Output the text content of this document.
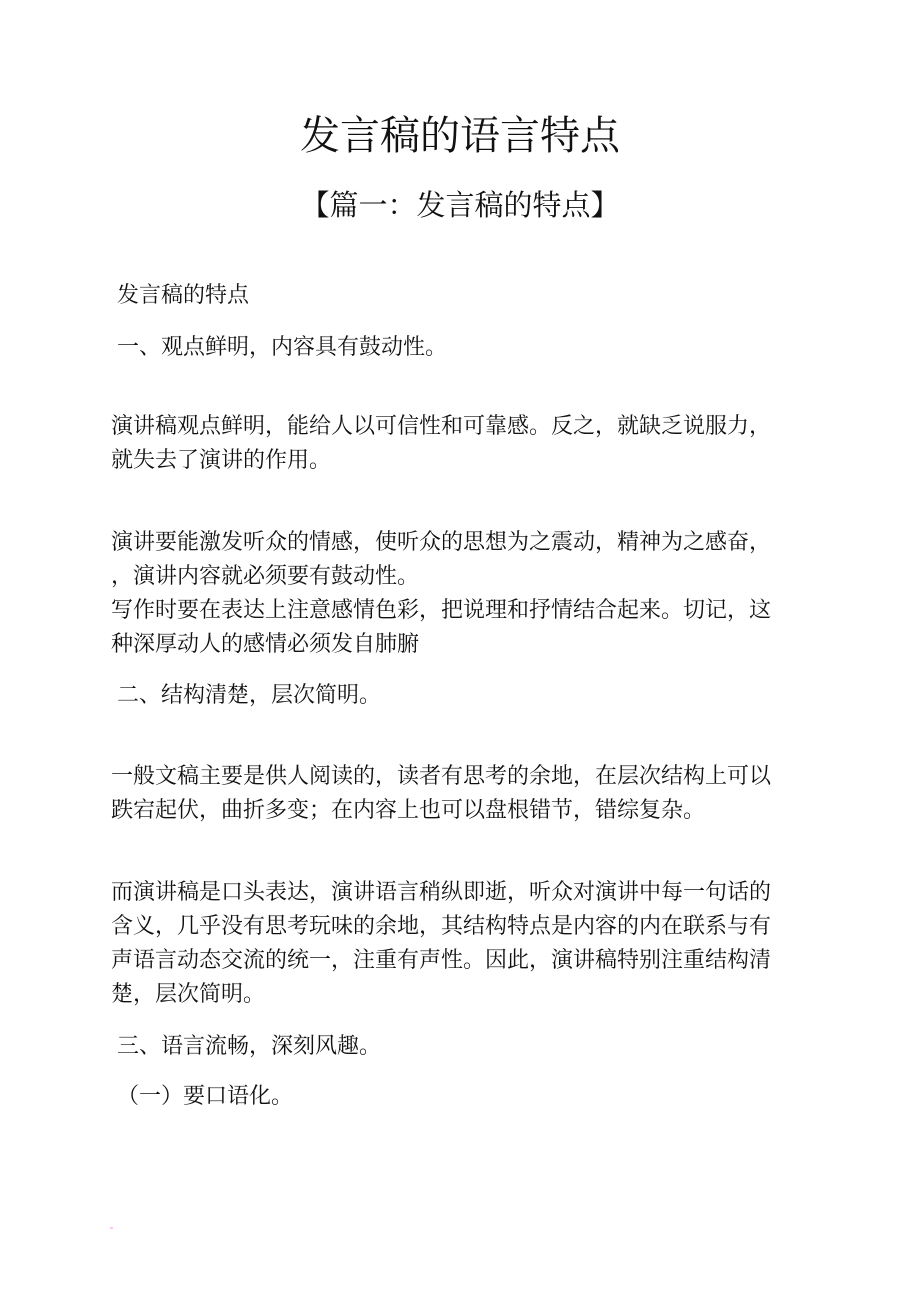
发言稿的语言特点
【篇一：发言稿的特点】

发言稿的特点

一、观点鲜明，内容具有鼓动性。

演讲稿观点鲜明，能给人以可信性和可靠感。反之，就缺乏说服力，
就失去了演讲的作用。
演讲要能激发听众的情感，使听众的思想为之震动，精神为之感奋，
，演讲内容就必须要有鼓动性。
写作时要在表达上注意感情色彩，把说理和抒情结合起来。切记，这
种深厚动人的感情必须发自肺腑

二、结构清楚，层次简明。

一般文稿主要是供人阅读的，读者有思考的余地，在层次结构上可以
跌宕起伏，曲折多变；在内容上也可以盘根错节，错综复杂。
而演讲稿是口头表达，演讲语言稍纵即逝，听众对演讲中每一句话的
含义，几乎没有思考玩味的余地，其结构特点是内容的内在联系与有
声语言动态交流的统一，注重有声性。因此，演讲稿特别注重结构清
楚，层次简明。

三、语言流畅，深刻风趣。

（一）要口语化。
